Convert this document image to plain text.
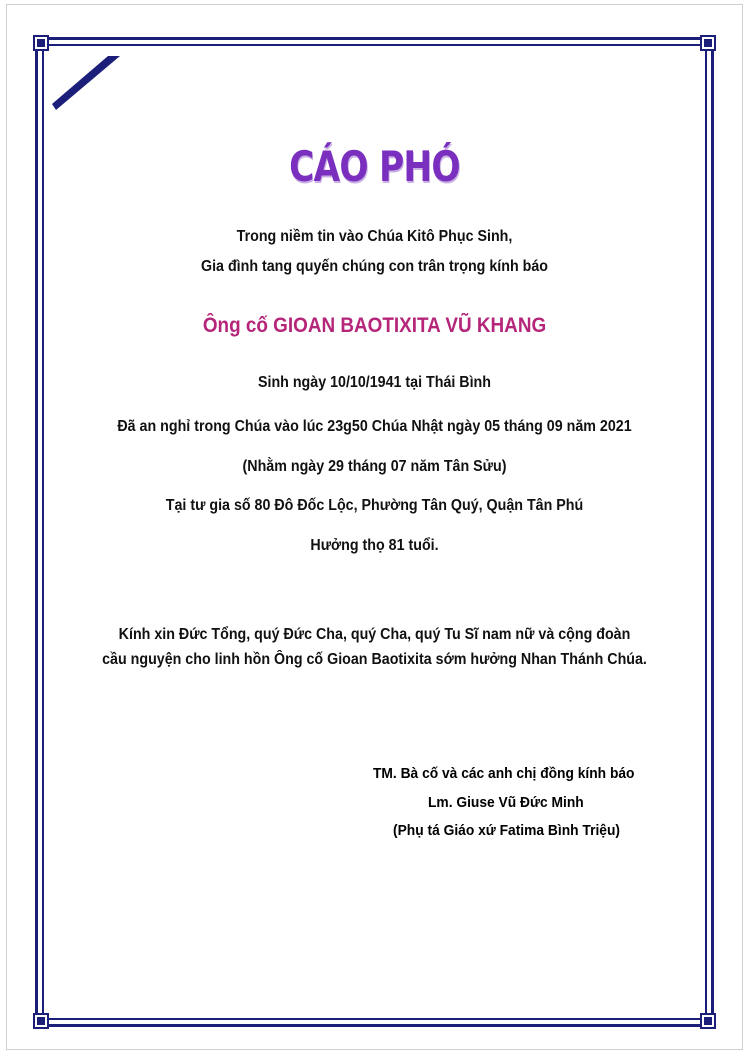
CÁO PHÓ
Trong niềm tin vào Chúa Kitô Phục Sinh,
Gia đình tang quyến chúng con trân trọng kính báo
Ông cố GIOAN BAOTIXITA VŨ KHANG
Sinh ngày 10/10/1941 tại Thái Bình
Đã an nghỉ trong Chúa vào lúc 23g50 Chúa Nhật ngày 05 tháng 09 năm 2021
(Nhằm ngày 29 tháng 07 năm Tân Sửu)
Tại tư gia số 80 Đô Đốc Lộc, Phường Tân Quý, Quận Tân Phú
Hưởng thọ 81 tuổi.
Kính xin Đức Tổng, quý Đức Cha, quý Cha, quý Tu Sĩ nam nữ và cộng đoàn
cầu nguyện cho linh hồn Ông cố Gioan Baotixita sớm hưởng Nhan Thánh Chúa.
TM. Bà cố và các anh chị đồng kính báo
Lm. Giuse Vũ Đức Minh
(Phụ tá Giáo xứ Fatima Bình Triệu)
